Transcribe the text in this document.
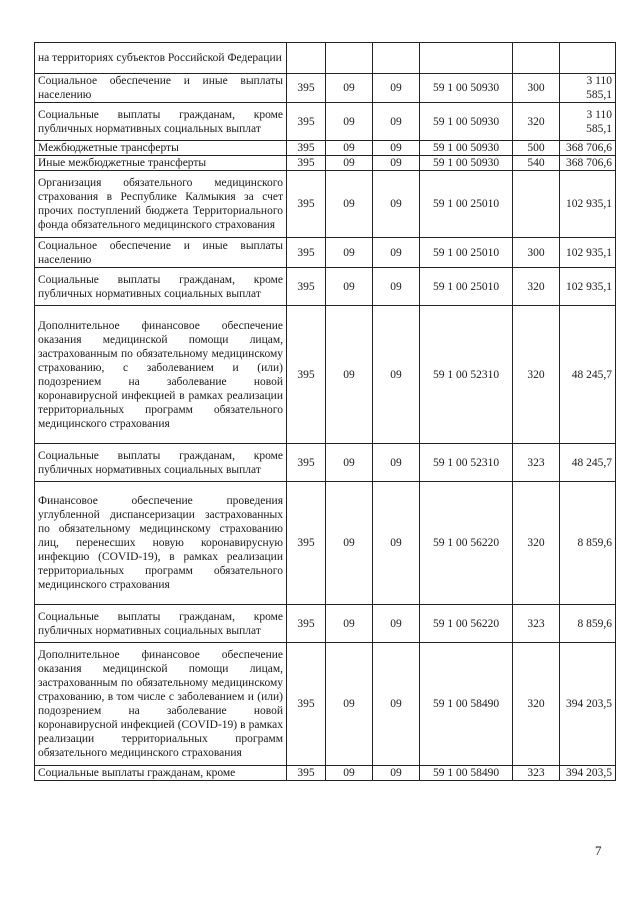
на территориях субъектов Российской Федерации						
Социальное обеспечение и иные выплаты населению	395	09	09	59 1 00 50930	300	3 110 585,1
Социальные выплаты гражданам, кроме публичных нормативных социальных выплат	395	09	09	59 1 00 50930	320	3 110 585,1
Межбюджетные трансферты	395	09	09	59 1 00 50930	500	368 706,6
Иные межбюджетные трансферты	395	09	09	59 1 00 50930	540	368 706,6
Организация обязательного медицинского страхования в Республике Калмыкия за счет прочих поступлений бюджета Территориального фонда обязательного медицинского страхования	395	09	09	59 1 00 25010		102 935,1
Социальное обеспечение и иные выплаты населению	395	09	09	59 1 00 25010	300	102 935,1
Социальные выплаты гражданам, кроме публичных нормативных социальных выплат	395	09	09	59 1 00 25010	320	102 935,1
Дополнительное финансовое обеспечение оказания медицинской помощи лицам, застрахованным по обязательному медицинскому страхованию, с заболеванием и (или) подозрением на заболевание новой коронавирусной инфекцией в рамках реализации территориальных программ обязательного медицинского страхования	395	09	09	59 1 00 52310	320	48 245,7
Социальные выплаты гражданам, кроме публичных нормативных социальных выплат	395	09	09	59 1 00 52310	323	48 245,7
Финансовое обеспечение проведения углубленной диспансеризации застрахованных по обязательному медицинскому страхованию лиц, перенесших новую коронавирусную инфекцию (COVID-19), в рамках реализации территориальных программ обязательного медицинского страхования	395	09	09	59 1 00 56220	320	8 859,6
Социальные выплаты гражданам, кроме публичных нормативных социальных выплат	395	09	09	59 1 00 56220	323	8 859,6
Дополнительное финансовое обеспечение оказания медицинской помощи лицам, застрахованным по обязательному медицинскому страхованию, в том числе с заболеванием и (или) подозрением на заболевание новой коронавирусной инфекцией (COVID-19) в рамках реализации территориальных программ обязательного медицинского страхования	395	09	09	59 1 00 58490	320	394 203,5
Социальные выплаты гражданам, кроме	395	09	09	59 1 00 58490	323	394 203,5
7
